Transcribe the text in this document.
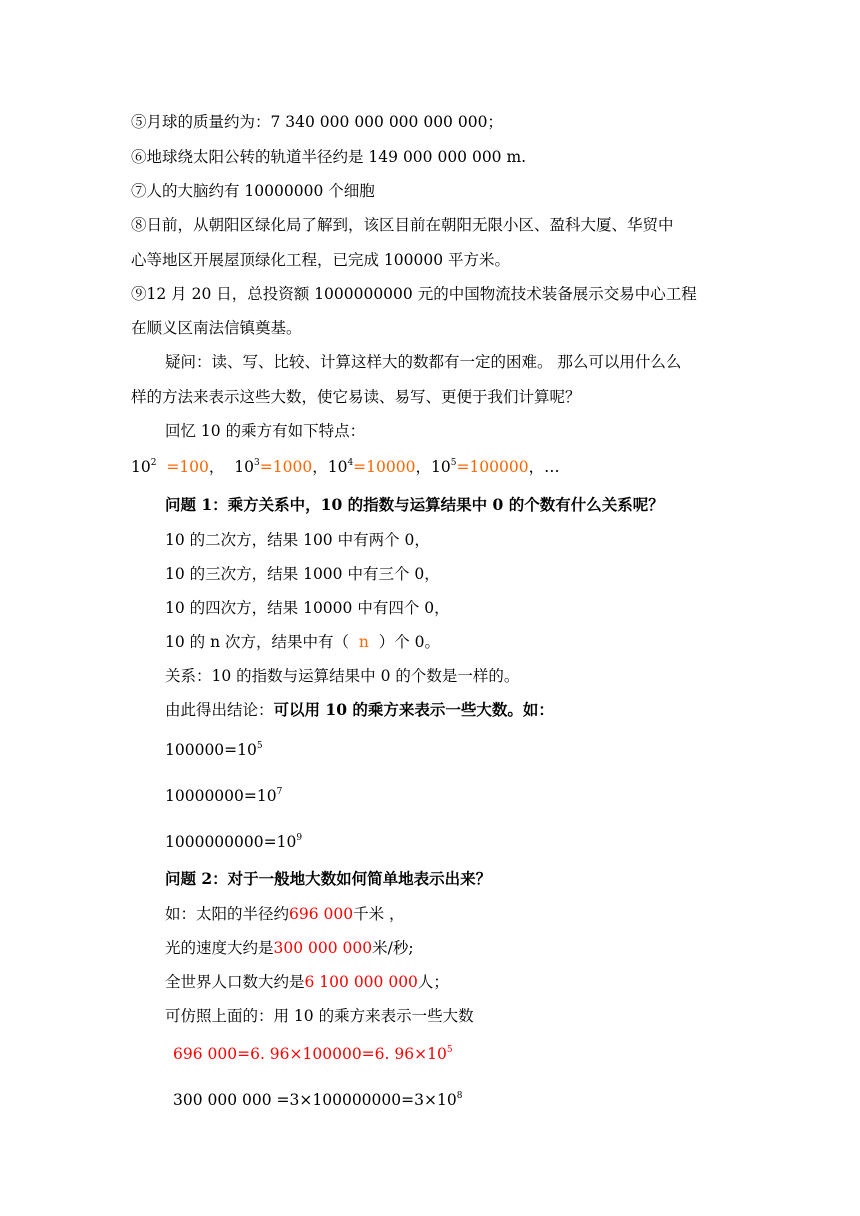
⑤月球的质量约为：7 340 000 000 000 000 000；
⑥地球绕太阳公转的轨道半径约是 149 000 000 000 m.
⑦人的大脑约有 10000000 个细胞
⑧日前，从朝阳区绿化局了解到，该区目前在朝阳无限小区、盈科大厦、华贸中
心等地区开展屋顶绿化工程，已完成 100000 平方米。
⑨12 月 20 日，总投资额 1000000000 元的中国物流技术装备展示交易中心工程
在顺义区南法信镇奠基。
疑问：读、写、比较、计算这样大的数都有一定的困难。 那么可以用什么么
样的方法来表示这些大数，使它易读、易写、更便于我们计算呢？
回忆 10 的乘方有如下特点：
$10^2 =100$， $10^3=1000$，$10^4=10000$，$10^5=100000$，…
问题 1：乘方关系中，10 的指数与运算结果中 0 的个数有什么关系呢？
10 的二次方，结果 100 中有两个 0，
10 的三次方，结果 1000 中有三个 0，
10 的四次方，结果 10000 中有四个 0，
10 的 n 次方，结果中有（ n ）个 0。
关系：10 的指数与运算结果中 0 的个数是一样的。
由此得出结论：可以用 10 的乘方来表示一些大数。如：
$100000=10^5$
$10000000=10^7$
$1000000000=10^9$
问题 2：对于一般地大数如何简单地表示出来？
如：太阳的半径约696 000千米 ，
光的速度大约是300 000 000米/秒;
全世界人口数大约是6 100 000 000人；
可仿照上面的：用 10 的乘方来表示一些大数
696 000=6. 96×100000=6. $96\times 10^5$
300 000 $000 =3\times 100000000=3\times 10^8$
